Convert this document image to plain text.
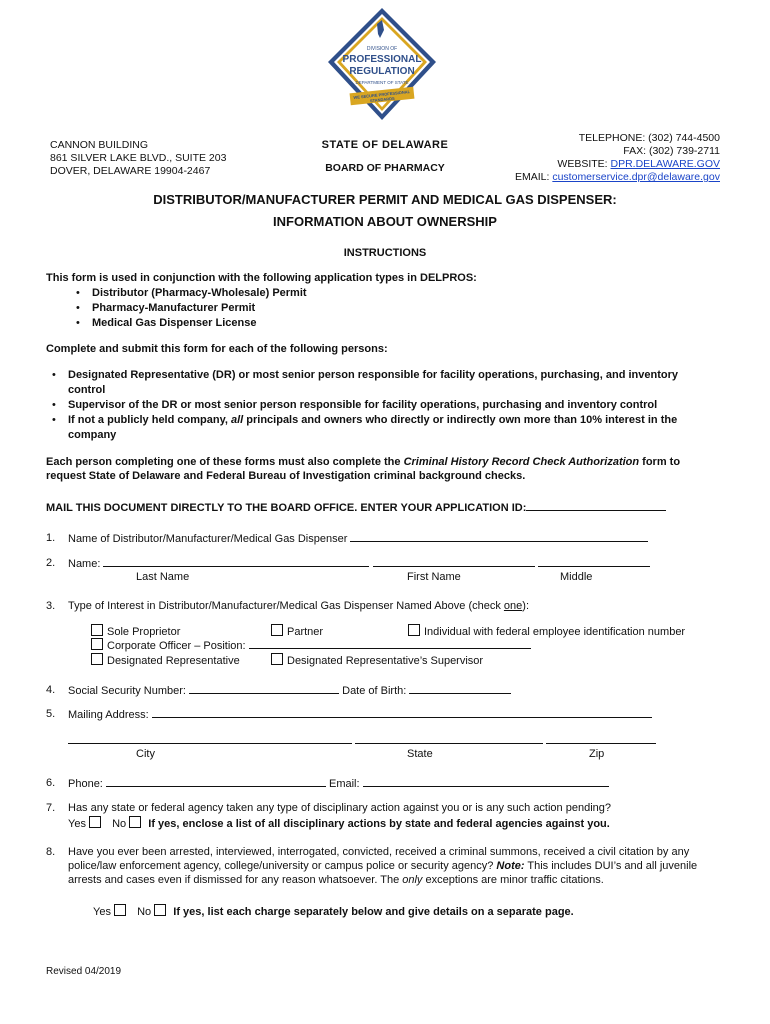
DIVISION OF
PROFESSIONAL
REGULATION
DEPARTMENT OF STATE
WE SECURE PROFESSIONAL STANDARDS
CANNON BUILDING
861 SILVER LAKE BLVD., SUITE 203
DOVER, DELAWARE 19904-2467
STATE OF DELAWARE
BOARD OF PHARMACY
TELEPHONE: (302) 744-4500
FAX: (302) 739-2711
WEBSITE: DPR.DELAWARE.GOV
EMAIL: customerservice.dpr@delaware.gov
DISTRIBUTOR/MANUFACTURER PERMIT AND MEDICAL GAS DISPENSER:
INFORMATION ABOUT OWNERSHIP
INSTRUCTIONS
This form is used in conjunction with the following application types in DELPROS:
• Distributor (Pharmacy-Wholesale) Permit
• Pharmacy-Manufacturer Permit
• Medical Gas Dispenser License
Complete and submit this form for each of the following persons:
• Designated Representative (DR) or most senior person responsible for facility operations, purchasing, and inventory control
• Supervisor of the DR or most senior person responsible for facility operations, purchasing and inventory control
• If not a publicly held company, all principals and owners who directly or indirectly own more than 10% interest in the company
Each person completing one of these forms must also complete the Criminal History Record Check Authorization form to request State of Delaware and Federal Bureau of Investigation criminal background checks.
MAIL THIS DOCUMENT DIRECTLY TO THE BOARD OFFICE. ENTER YOUR APPLICATION ID:
1. Name of Distributor/Manufacturer/Medical Gas Dispenser
2. Name:
Last Name	First Name	Middle
3. Type of Interest in Distributor/Manufacturer/Medical Gas Dispenser Named Above (check one):
Sole Proprietor	Partner	Individual with federal employee identification number
Corporate Officer – Position:
Designated Representative	Designated Representative’s Supervisor
4. Social Security Number:	Date of Birth:
5. Mailing Address:

City	State	Zip
6. Phone:	Email:
7. Has any state or federal agency taken any type of disciplinary action against you or is any such action pending?
Yes No If yes, enclose a list of all disciplinary actions by state and federal agencies against you.
8. Have you ever been arrested, interviewed, interrogated, convicted, received a criminal summons, received a civil citation by any police/law enforcement agency, college/university or campus police or security agency? Note: This includes DUI’s and all juvenile arrests and cases even if dismissed for any reason whatsoever. The only exceptions are minor traffic citations.
Yes No If yes, list each charge separately below and give details on a separate page.
Revised 04/2019
